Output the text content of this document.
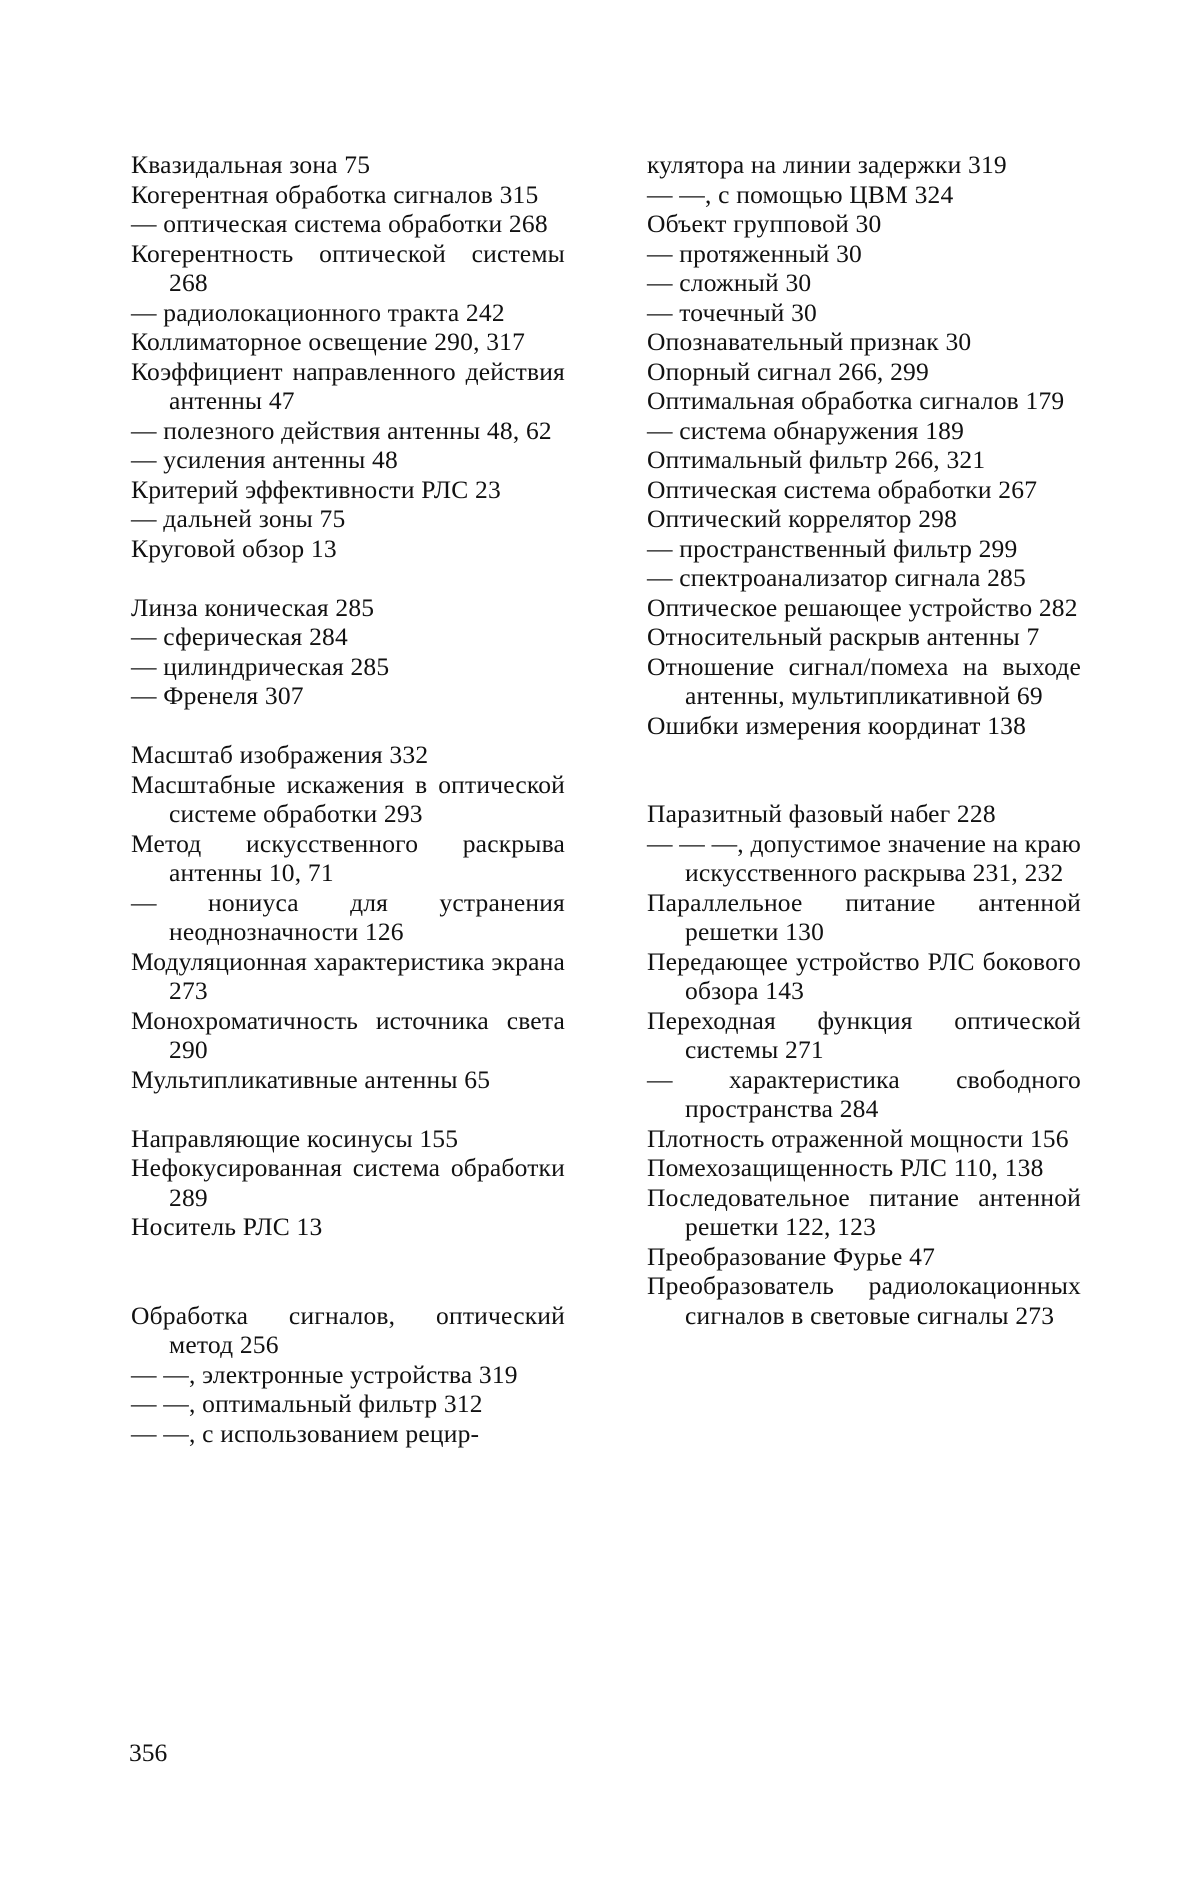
Квазидальная зона 75

Когерентная обработка сигналов 315

— оптическая система обработки 268

Когерентность оптической системы 268

— радиолокационного тракта 242

Коллиматорное освещение 290, 317

Коэффициент направленного действия антенны 47

— полезного действия антенны 48, 62

— усиления антенны 48

Критерий эффективности РЛС 23

— дальней зоны 75

Круговой обзор 13

Линза коническая 285

— сферическая 284

— цилиндрическая 285

— Френеля 307

Масштаб изображения 332

Масштабные искажения в оптической системе обработки 293

Метод искусственного раскрыва антенны 10, 71

— нониуса для устранения неоднозначности 126

Модуляционная характеристика экрана 273

Монохроматичность источника света 290

Мультипликативные антенны 65

Направляющие косинусы 155

Нефокусированная система обработки 289

Носитель РЛС 13

Обработка сигналов, оптический метод 256

— —, электронные устройства 319

— —, оптимальный фильтр 312

— —, с использованием рецир-

кулятора на линии задержки 319

— —, с помощью ЦВМ 324

Объект групповой 30

— протяженный 30

— сложный 30

— точечный 30

Опознавательный признак 30

Опорный сигнал 266, 299

Оптимальная обработка сигналов 179

— система обнаружения 189

Оптимальный фильтр 266, 321

Оптическая система обработки 267

Оптический коррелятор 298

— пространственный фильтр 299

— спектроанализатор сигнала 285

Оптическое решающее устройство 282

Относительный раскрыв антенны 7

Отношение сигнал/помеха на выходе антенны, мультипликативной 69

Ошибки измерения координат 138

Паразитный фазовый набег 228

— — —, допустимое значение на краю искусственного раскрыва 231, 232

Параллельное питание антенной решетки 130

Передающее устройство РЛС бокового обзора 143

Переходная функция оптической системы 271

— характеристика свободного пространства 284

Плотность отраженной мощности 156

Помехозащищенность РЛС 110, 138

Последовательное питание антенной решетки 122, 123

Преобразование Фурье 47

Преобразователь радиолокационных сигналов в световые сигналы 273

356
